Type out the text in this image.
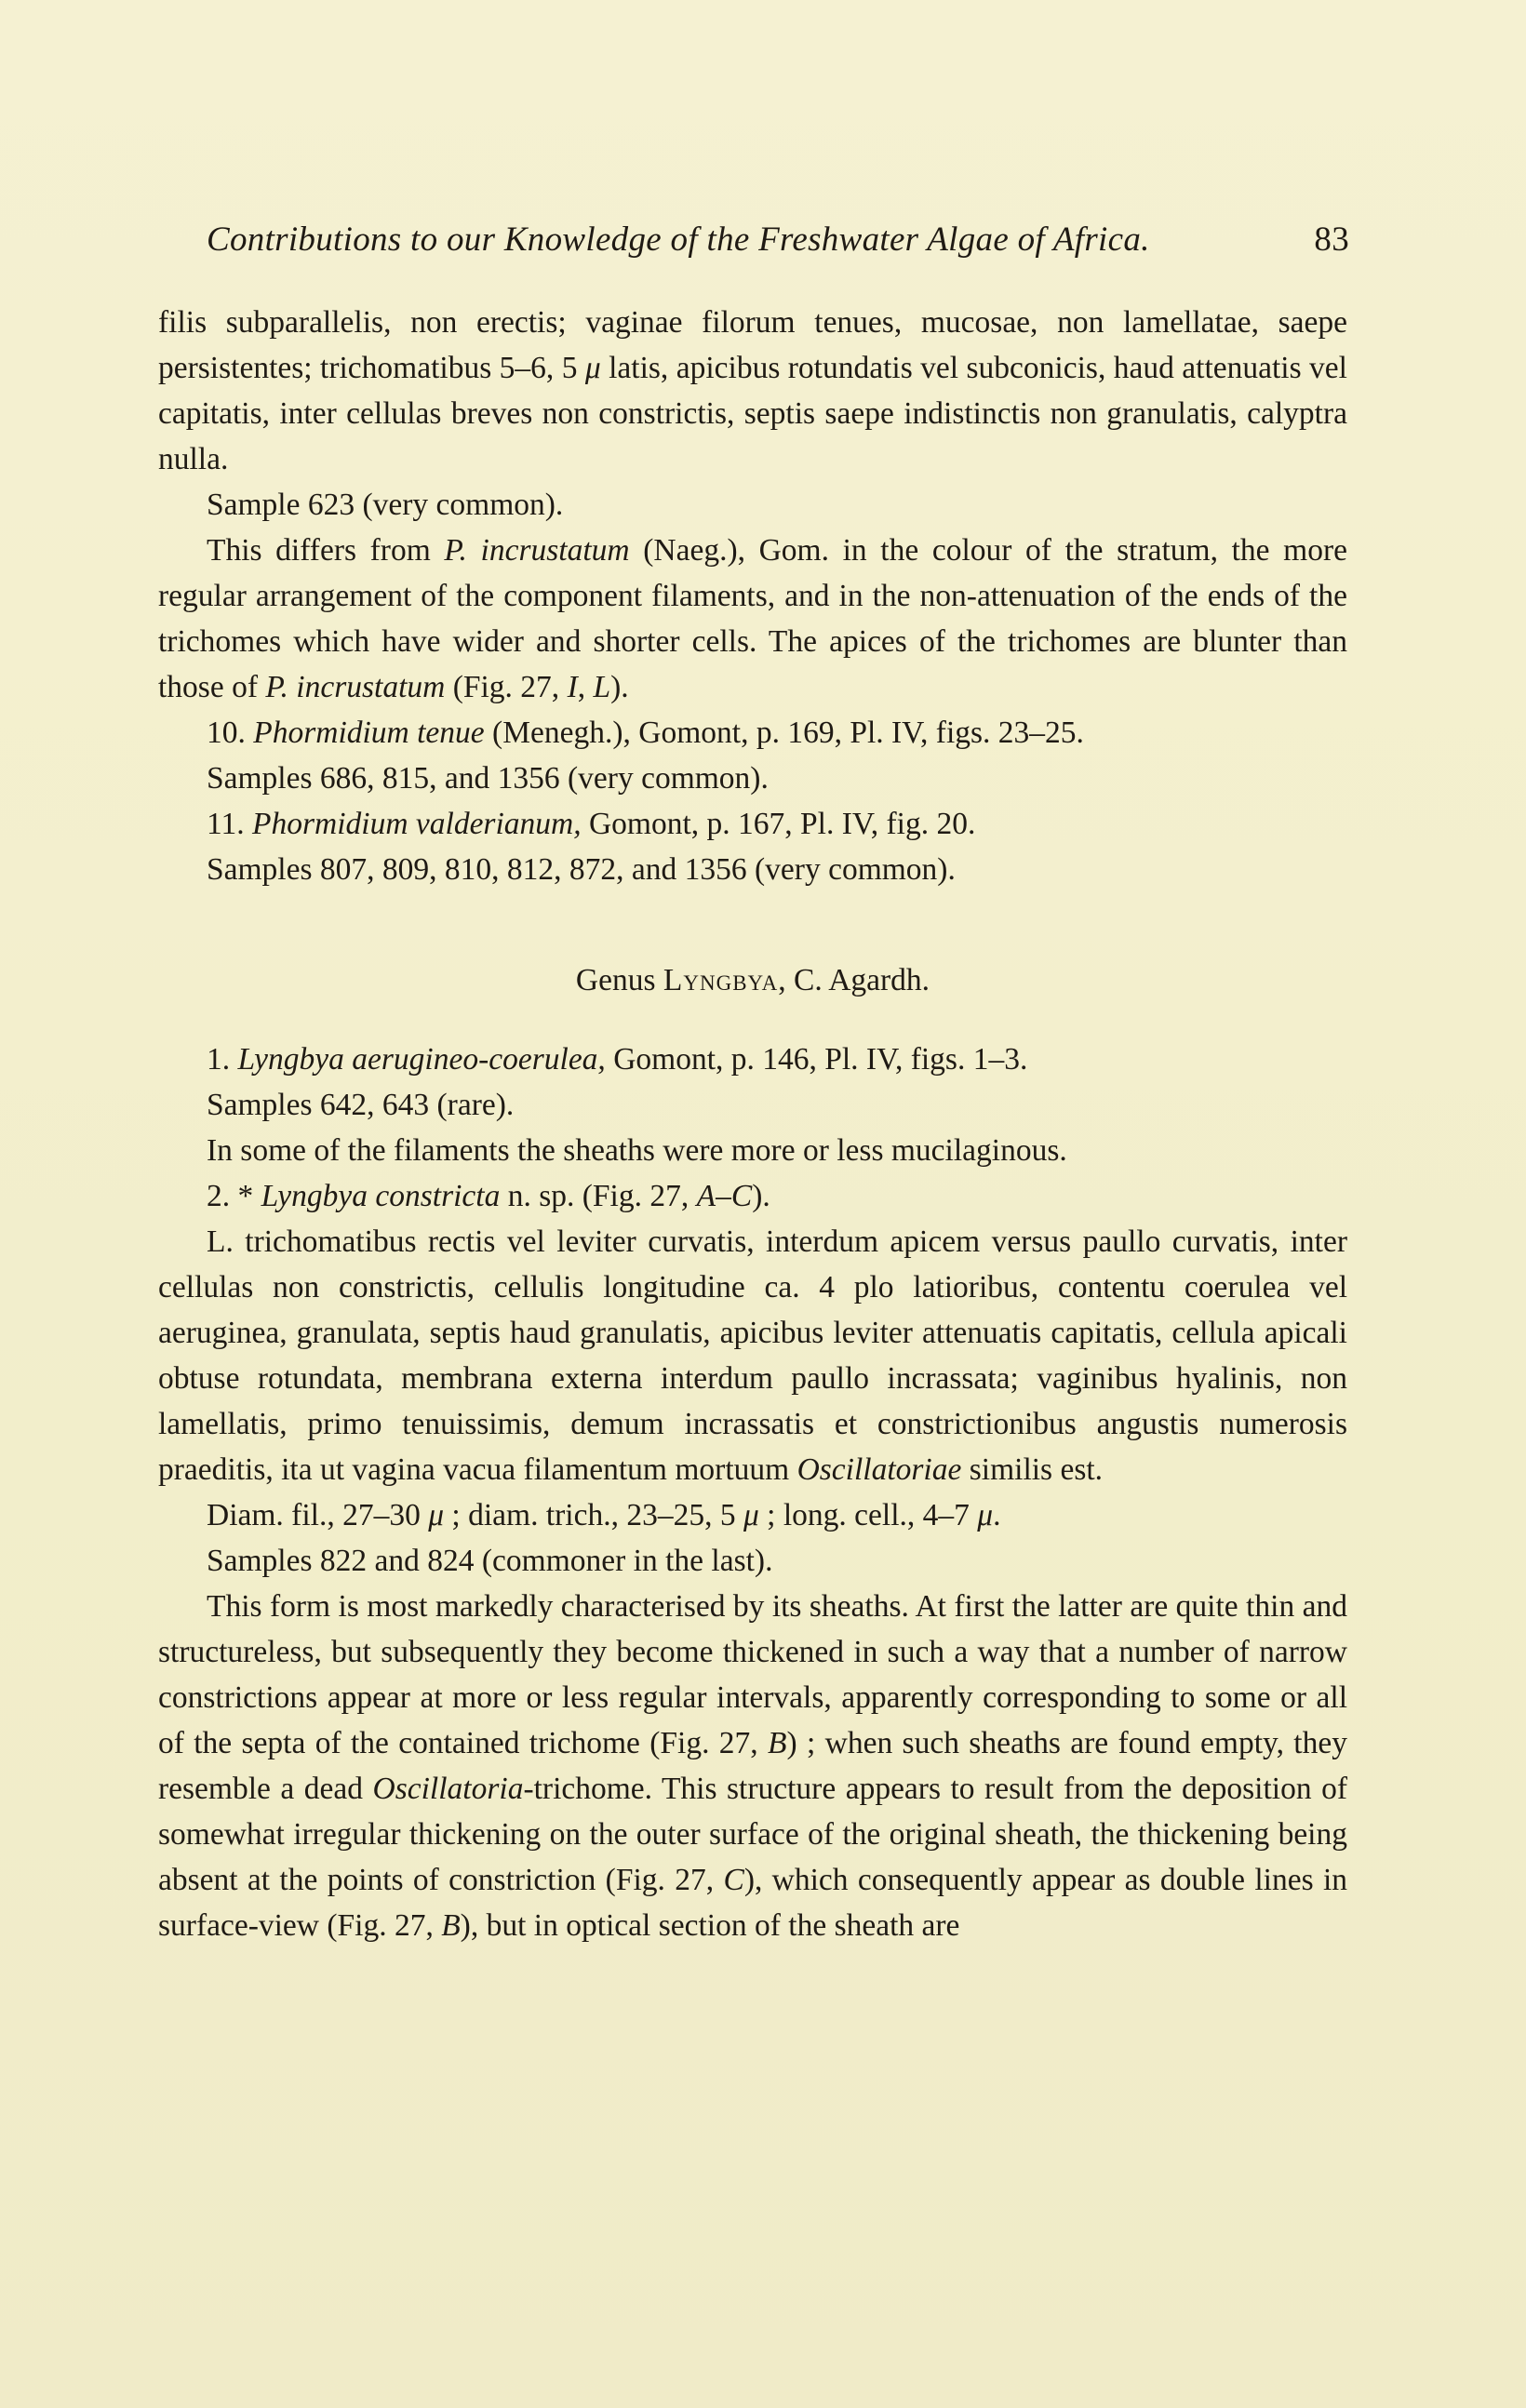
Contributions to our Knowledge of the Freshwater Algae of Africa.	83

filis subparallelis, non erectis; vaginae filorum tenues, mucosae, non lamellatae, saepe persistentes; trichomatibus 5–6, 5 μ latis, apicibus rotundatis vel subconicis, haud attenuatis vel capitatis, inter cellulas breves non constrictis, septis saepe indistinctis non granulatis, calyptra nulla.

Sample 623 (very common).

This differs from P. incrustatum (Naeg.), Gom. in the colour of the stratum, the more regular arrangement of the component filaments, and in the non-attenuation of the ends of the trichomes which have wider and shorter cells. The apices of the trichomes are blunter than those of P. incrustatum (Fig. 27, I, L).

10. Phormidium tenue (Menegh.), Gomont, p. 169, Pl. IV, figs. 23–25.

Samples 686, 815, and 1356 (very common).

11. Phormidium valderianum, Gomont, p. 167, Pl. IV, fig. 20.

Samples 807, 809, 810, 812, 872, and 1356 (very common).

Genus Lyngbya, C. Agardh.

1. Lyngbya aerugineo-coerulea, Gomont, p. 146, Pl. IV, figs. 1–3.

Samples 642, 643 (rare).

In some of the filaments the sheaths were more or less mucilaginous.

2. * Lyngbya constricta n. sp. (Fig. 27, A–C).

L. trichomatibus rectis vel leviter curvatis, interdum apicem versus paullo curvatis, inter cellulas non constrictis, cellulis longitudine ca. 4 plo latioribus, contentu coerulea vel aeruginea, granulata, septis haud granulatis, apicibus leviter attenuatis capitatis, cellula apicali obtuse rotundata, membrana externa interdum paullo incrassata; vaginibus hyalinis, non lamellatis, primo tenuissimis, demum incrassatis et constrictionibus angustis numerosis praeditis, ita ut vagina vacua filamentum mortuum Oscillatoriae similis est.

Diam. fil., 27–30 μ ; diam. trich., 23–25, 5 μ ; long. cell., 4–7 μ.

Samples 822 and 824 (commoner in the last).

This form is most markedly characterised by its sheaths. At first the latter are quite thin and structureless, but subsequently they become thickened in such a way that a number of narrow constrictions appear at more or less regular intervals, apparently corresponding to some or all of the septa of the contained trichome (Fig. 27, B) ; when such sheaths are found empty, they resemble a dead Oscillatoria-trichome. This structure appears to result from the deposition of somewhat irregular thickening on the outer surface of the original sheath, the thickening being absent at the points of constriction (Fig. 27, C), which consequently appear as double lines in surface-view (Fig. 27, B), but in optical section of the sheath are
